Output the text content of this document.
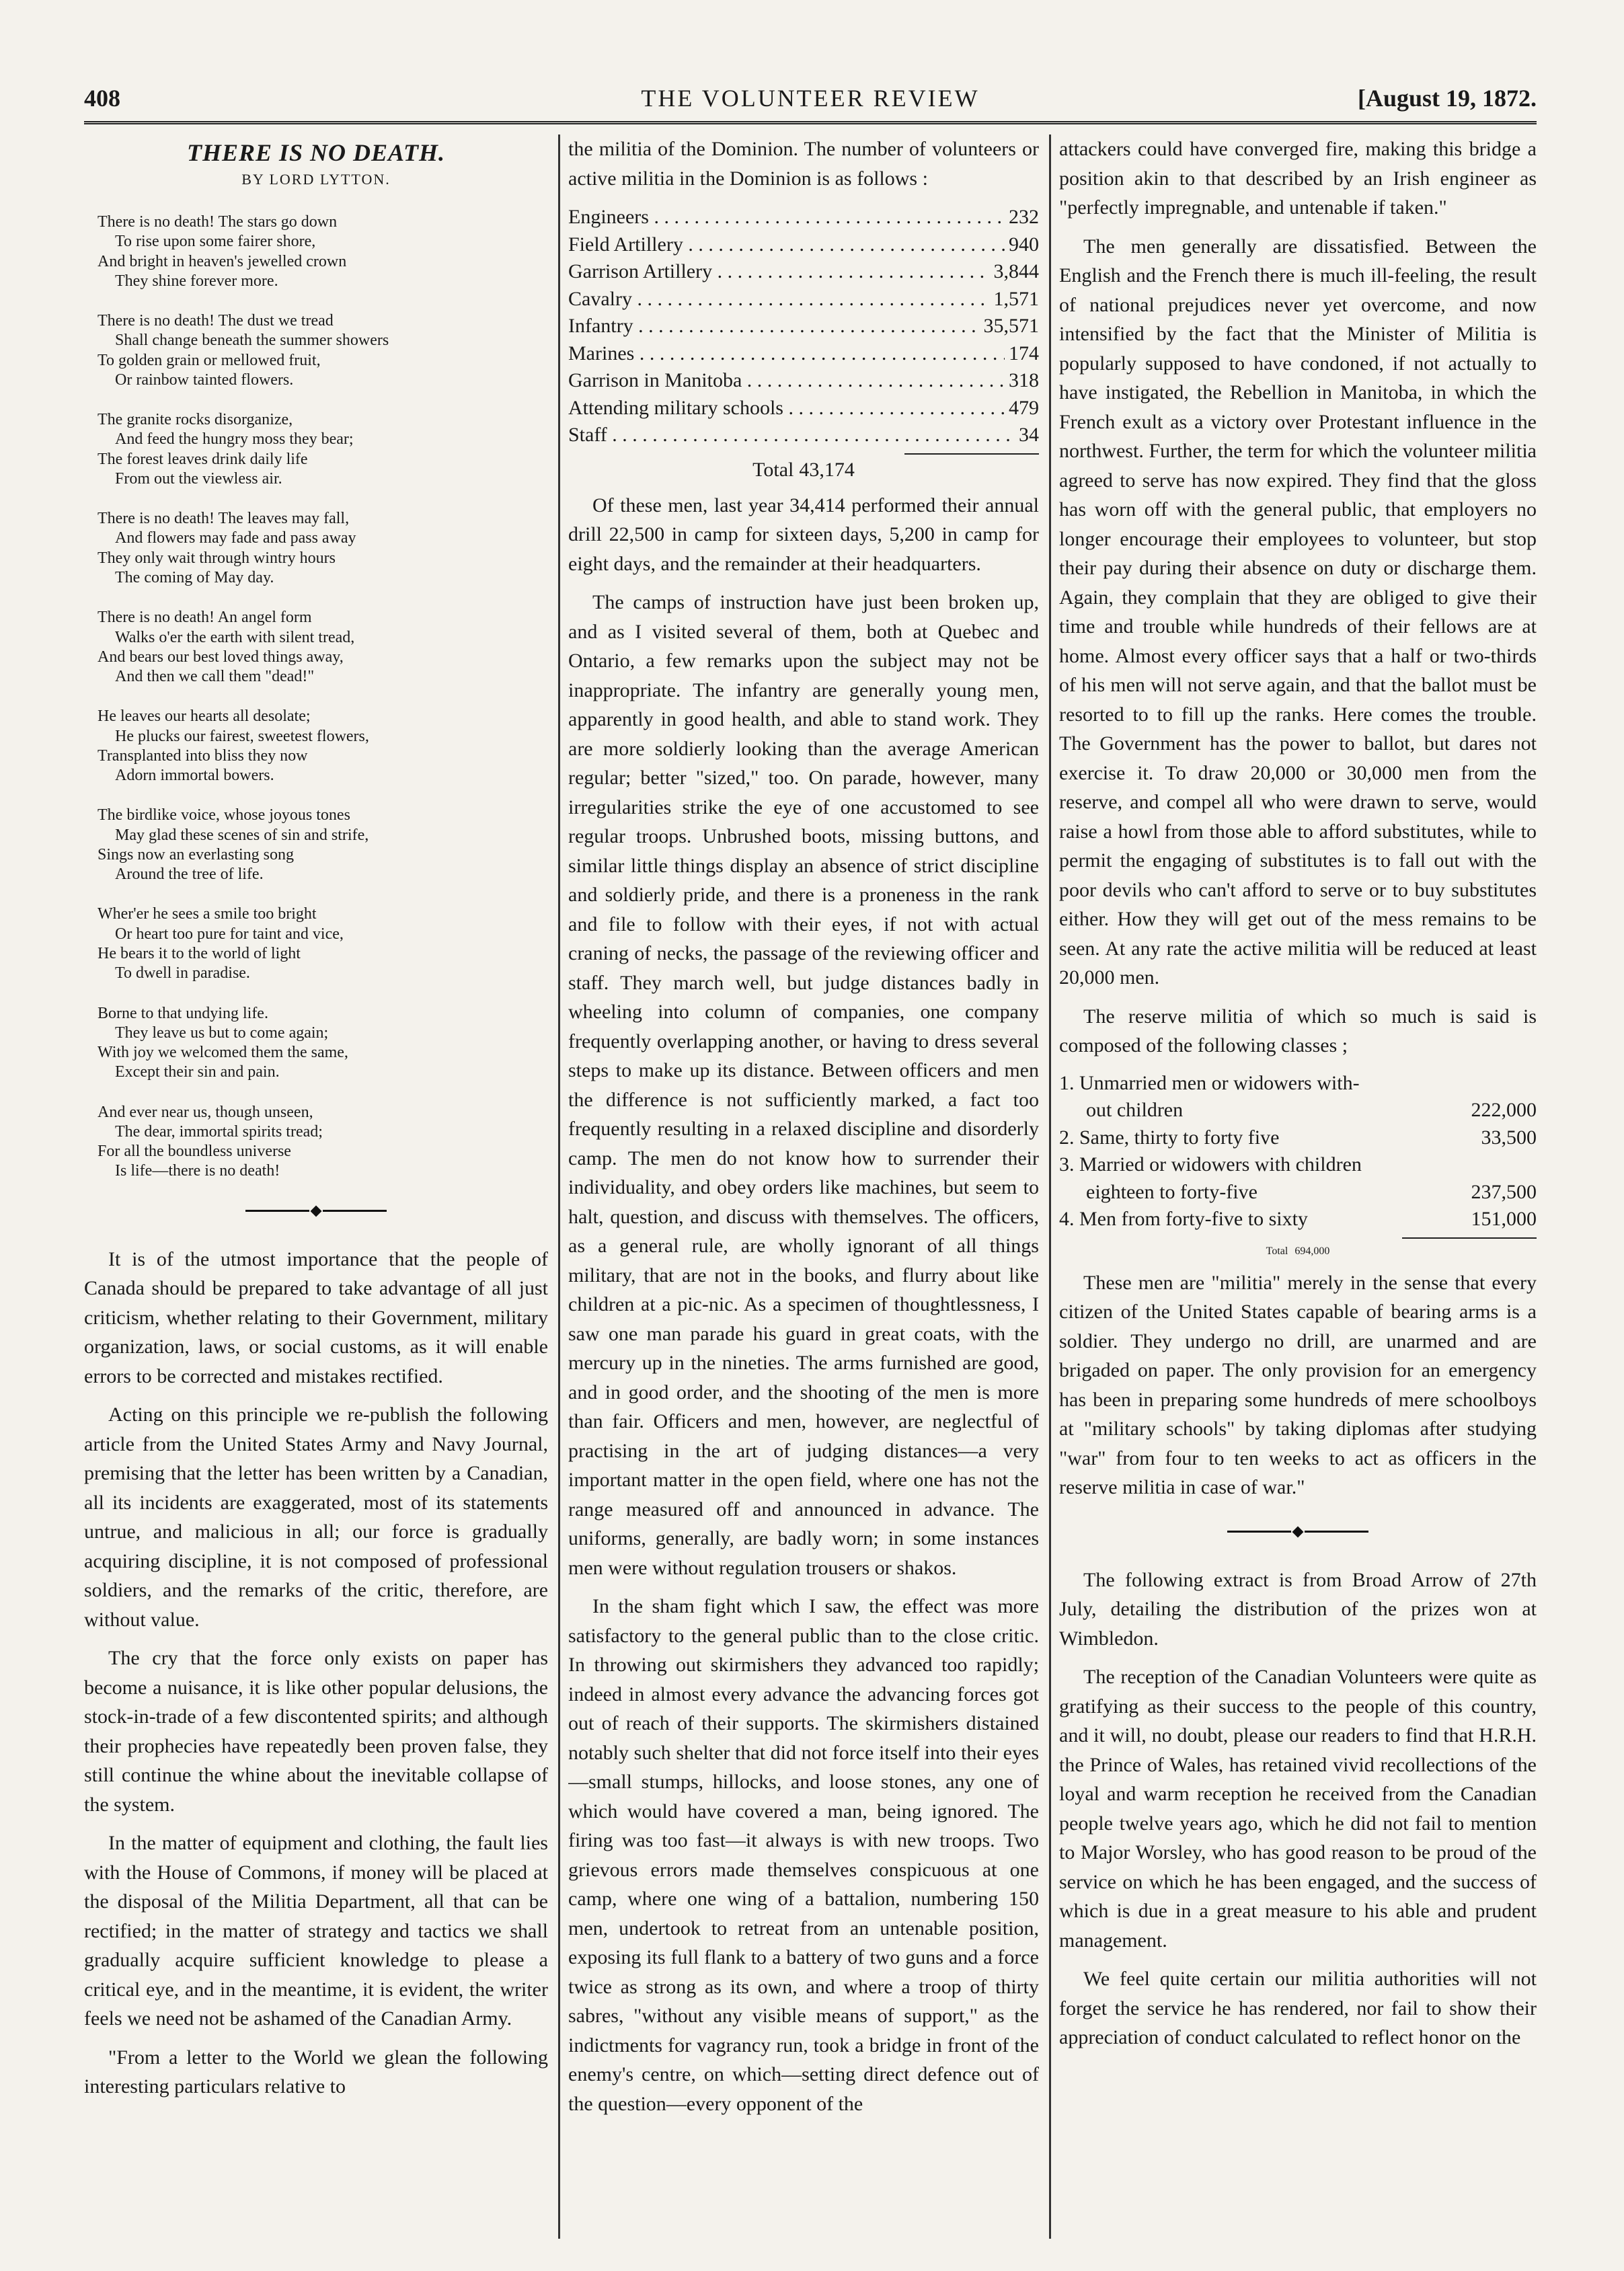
408	THE VOLUNTEER REVIEW	[August 19, 1872.
THERE IS NO DEATH.
BY LORD LYTTON.
There is no death! The stars go down
To rise upon some fairer shore,
And bright in heaven's jewelled crown
They shine forever more.
There is no death! The dust we tread
Shall change beneath the summer showers
To golden grain or mellowed fruit,
Or rainbow tainted flowers.
The granite rocks disorganize,
And feed the hungry moss they bear;
The forest leaves drink daily life
From out the viewless air.
There is no death! The leaves may fall,
And flowers may fade and pass away
They only wait through wintry hours
The coming of May day.
There is no death! An angel form
Walks o'er the earth with silent tread,
And bears our best loved things away,
And then we call them "dead!"
He leaves our hearts all desolate;
He plucks our fairest, sweetest flowers,
Transplanted into bliss they now
Adorn immortal bowers.
The birdlike voice, whose joyous tones
May glad these scenes of sin and strife,
Sings now an everlasting song
Around the tree of life.
Wher'er he sees a smile too bright
Or heart too pure for taint and vice,
He bears it to the world of light
To dwell in paradise.
Borne to that undying life.
They leave us but to come again;
With joy we welcomed them the same,
Except their sin and pain.
And ever near us, though unseen,
The dear, immortal spirits tread;
For all the boundless universe
Is life—there is no death!

It is of the utmost importance that the people of Canada should be prepared to take advantage of all just criticism, whether relating to their Government, military organization, laws, or social customs, as it will enable errors to be corrected and mistakes rectified.

Acting on this principle we re-publish the following article from the United States Army and Navy Journal, premising that the letter has been written by a Canadian, all its incidents are exaggerated, most of its statements untrue, and malicious in all; our force is gradually acquiring discipline, it is not composed of professional soldiers, and the remarks of the critic, therefore, are without value.

The cry that the force only exists on paper has become a nuisance, it is like other popular delusions, the stock-in-trade of a few discontented spirits; and although their prophecies have repeatedly been proven false, they still continue the whine about the inevitable collapse of the system.

In the matter of equipment and clothing, the fault lies with the House of Commons, if money will be placed at the disposal of the Militia Department, all that can be rectified; in the matter of strategy and tactics we shall gradually acquire sufficient knowledge to please a critical eye, and in the meantime, it is evident, the writer feels we need not be ashamed of the Canadian Army.

"From a letter to the World we glean the following interesting particulars relative to

the militia of the Dominion. The number of volunteers or active militia in the Dominion is as follows :

Engineers . . .	232
Field Artillery . . .	940
Garrison Artillery . . .	3,844
Cavalry . . .	1,571
Infantry . . .	35,571
Marines . . .	174
Garrison in Manitoba . . .	318
Attending military schools . . .	479
Staff . . .	34
Total 43,174

Of these men, last year 34,414 performed their annual drill 22,500 in camp for sixteen days, 5,200 in camp for eight days, and the remainder at their headquarters.

The camps of instruction have just been broken up, and as I visited several of them, both at Quebec and Ontario, a few remarks upon the subject may not be inappropriate. The infantry are generally young men, apparently in good health, and able to stand work. They are more soldierly looking than the average American regular; better "sized," too. On parade, however, many irregularities strike the eye of one accustomed to see regular troops. Unbrushed boots, missing buttons, and similar little things display an absence of strict discipline and soldierly pride, and there is a proneness in the rank and file to follow with their eyes, if not with actual craning of necks, the passage of the reviewing officer and staff. They march well, but judge distances badly in wheeling into column of companies, one company frequently overlapping another, or having to dress several steps to make up its distance. Between officers and men the difference is not sufficiently marked, a fact too frequently resulting in a relaxed discipline and disorderly camp. The men do not know how to surrender their individuality, and obey orders like machines, but seem to halt, question, and discuss with themselves. The officers, as a general rule, are wholly ignorant of all things military, that are not in the books, and flurry about like children at a pic-nic. As a specimen of thoughtlessness, I saw one man parade his guard in great coats, with the mercury up in the nineties. The arms furnished are good, and in good order, and the shooting of the men is more than fair. Officers and men, however, are neglectful of practising in the art of judging distances—a very important matter in the open field, where one has not the range measured off and announced in advance. The uniforms, generally, are badly worn; in some instances men were without regulation trousers or shakos.

In the sham fight which I saw, the effect was more satisfactory to the general public than to the close critic. In throwing out skirmishers they advanced too rapidly; indeed in almost every advance the advancing forces got out of reach of their supports. The skirmishers distained notably such shelter that did not force itself into their eyes—small stumps, hillocks, and loose stones, any one of which would have covered a man, being ignored. The firing was too fast—it always is with new troops. Two grievous errors made themselves conspicuous at one camp, where one wing of a battalion, numbering 150 men, undertook to retreat from an untenable position, exposing its full flank to a battery of two guns and a force twice as strong as its own, and where a troop of thirty sabres, "without any visible means of support," as the indictments for vagrancy run, took a bridge in front of the enemy's centre, on which—setting direct defence out of the question—every opponent of the

attackers could have converged fire, making this bridge a position akin to that described by an Irish engineer as "perfectly impregnable, and untenable if taken."

The men generally are dissatisfied. Between the English and the French there is much ill-feeling, the result of national prejudices never yet overcome, and now intensified by the fact that the Minister of Militia is popularly supposed to have condoned, if not actually to have instigated, the Rebellion in Manitoba, in which the French exult as a victory over Protestant influence in the northwest. Further, the term for which the volunteer militia agreed to serve has now expired. They find that the gloss has worn off with the general public, that employers no longer encourage their employees to volunteer, but stop their pay during their absence on duty or discharge them. Again, they complain that they are obliged to give their time and trouble while hundreds of their fellows are at home. Almost every officer says that a half or two-thirds of his men will not serve again, and that the ballot must be resorted to to fill up the ranks. Here comes the trouble. The Government has the power to ballot, but dares not exercise it. To draw 20,000 or 30,000 men from the reserve, and compel all who were drawn to serve, would raise a howl from those able to afford substitutes, while to permit the engaging of substitutes is to fall out with the poor devils who can't afford to serve or to buy substitutes either. How they will get out of the mess remains to be seen. At any rate the active militia will be reduced at least 20,000 men.

The reserve militia of which so much is said is composed of the following classes ;

1. Unmarried men or widowers with-
out children	222,000
2. Same, thirty to forty five	33,500
3. Married or widowers with children
eighteen to forty-five	237,500
4. Men from forty-five to sixty	151,000
Total 694,000

These men are "militia" merely in the sense that every citizen of the United States capable of bearing arms is a soldier. They undergo no drill, are unarmed and are brigaded on paper. The only provision for an emergency has been in preparing some hundreds of mere schoolboys at "military schools" by taking diplomas after studying "war" from four to ten weeks to act as officers in the reserve militia in case of war."

The following extract is from Broad Arrow of 27th July, detailing the distribution of the prizes won at Wimbledon.

The reception of the Canadian Volunteers were quite as gratifying as their success to the people of this country, and it will, no doubt, please our readers to find that H.R.H. the Prince of Wales, has retained vivid recollections of the loyal and warm reception he received from the Canadian people twelve years ago, which he did not fail to mention to Major Worsley, who has good reason to be proud of the service on which he has been engaged, and the success of which is due in a great measure to his able and prudent management.

We feel quite certain our militia authorities will not forget the service he has rendered, nor fail to show their appreciation of conduct calculated to reflect honor on the
